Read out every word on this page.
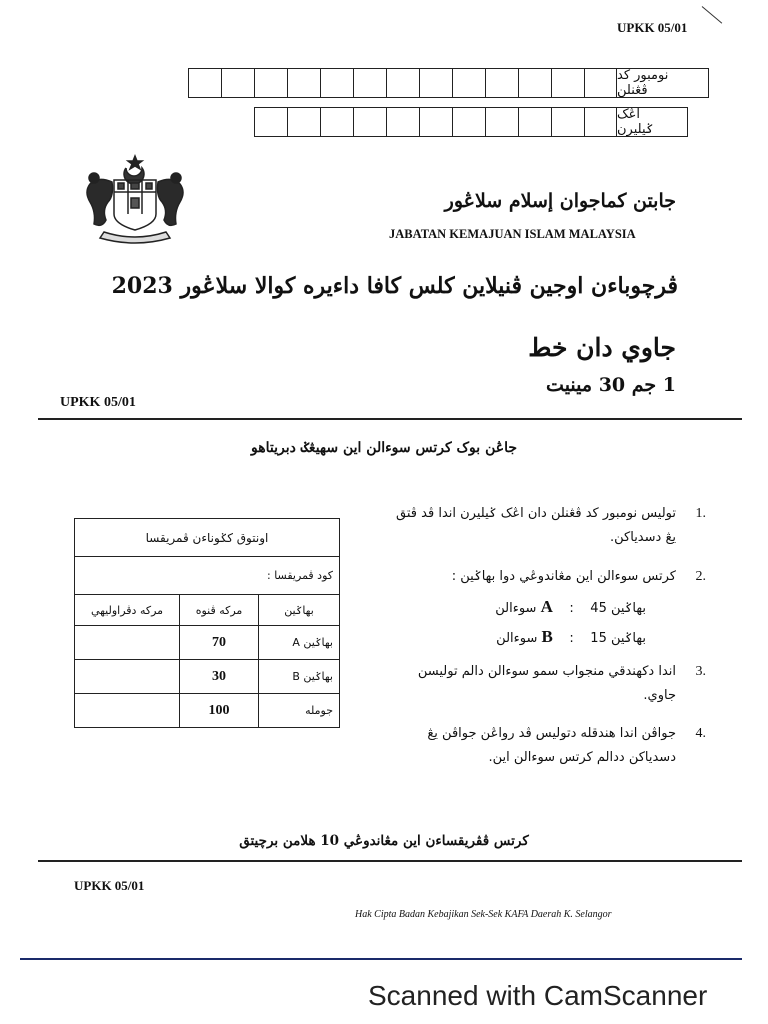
UPKK 05/01
نومبور کد ڤڠنلن
اڠک ݢيليرن
جابتن کماجوان إسلام سلاڠور
JABATAN KEMAJUAN ISLAM MALAYSIA
ڤرچوباءن اوجين ڤنيلاين کلس کافا داءيره کوالا سلاڠور 2023
جاوي دان خط
1 جم 30 مينيت
UPKK 05/01
جاڠن بوک کرتس سوءالن اين سهيڠݢ دبريتاهو
1.
توليس نومبور کد ڤڠنلن دان اڠک ݢيليرن اندا ڤد ڤتق يڠ دسدياکن.
2.
کرتس سوءالن اين مڠاندوڠي دوا بهاݢين :
بهاݢين A :    45 سوءالن
بهاݢين B :    15 سوءالن
3.
اندا دکهندقي منجواب سمو سوءالن دالم توليسن جاوي.
4.
جواڤن اندا هندقله دتوليس ڤد رواڠن جواڤن يڠ دسدياکن ددالم کرتس سوءالن اين.
اونتوق کݢوناءن ڤمريقسا		
کود ڤمريقسا :		
بهاݢين	مرکه ڤنوه	مرکه دڤراوليهي
بهاݢين A	70	
بهاݢين B	30	
جومله	100	
کرتس ڤڤريقساءن اين مڠاندوڠي 10 هلامن برچيتق
UPKK 05/01
Hak Cipta Badan Kebajikan Sek-Sek KAFA Daerah K. Selangor
Scanned with CamScanner
